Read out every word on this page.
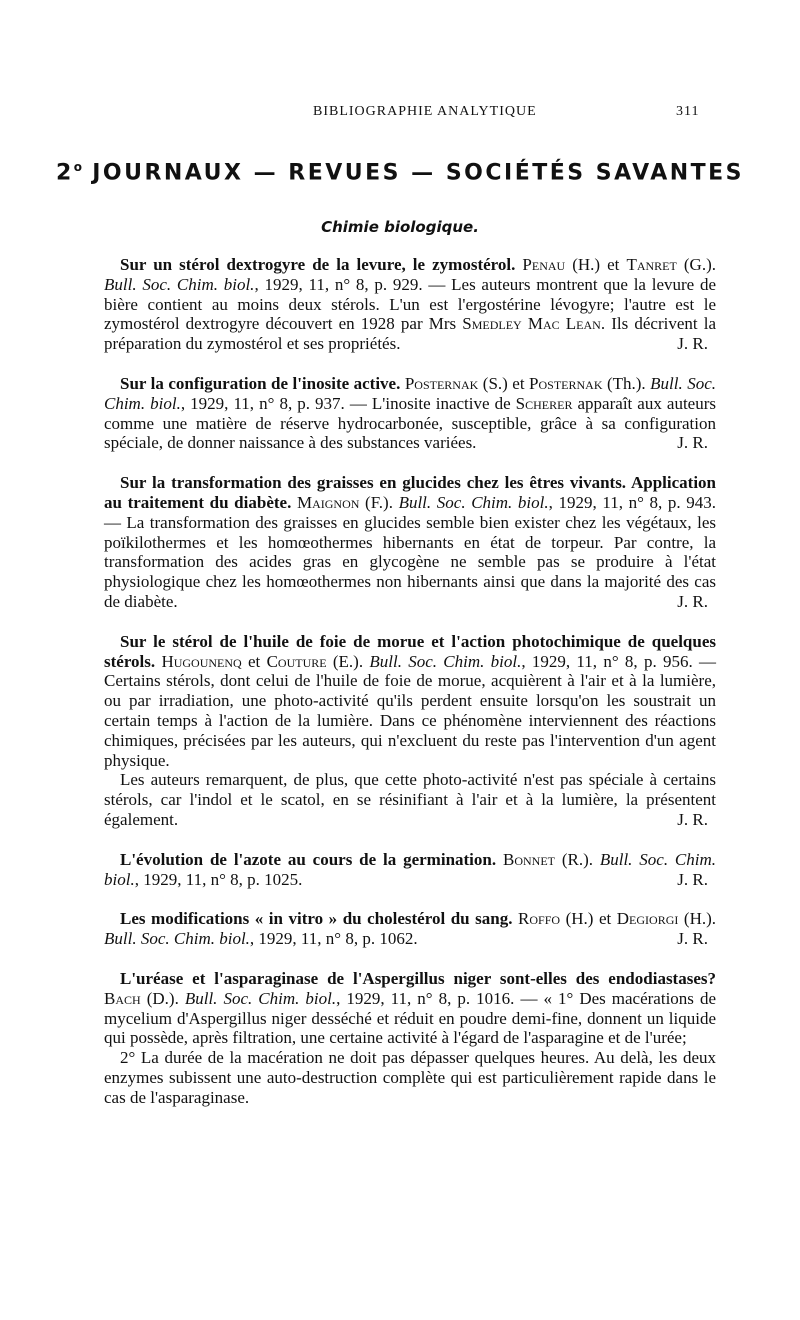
BIBLIOGRAPHIE ANALYTIQUE	311
2$^o$ JOURNAUX — REVUES — SOCIÉTÉS SAVANTES
Chimie biologique.

Sur un stérol dextrogyre de la levure, le zymostérol. Penau (H.) et Tanret (G.). Bull. Soc. Chim. biol., 1929, 11, n° 8, p. 929. — Les auteurs montrent que la levure de bière contient au moins deux stérols. L'un est l'ergostérine lévogyre; l'autre est le zymostérol dextrogyre découvert en 1928 par Mrs Smedley Mac Lean. Ils décrivent la préparation du zymostérol et ses propriétés.	J. R.

Sur la configuration de l'inosite active. Posternak (S.) et Posternak (Th.). Bull. Soc. Chim. biol., 1929, 11, n° 8, p. 937. — L'inosite inactive de Scherer apparaît aux auteurs comme une matière de réserve hydrocarbonée, susceptible, grâce à sa configuration spéciale, de donner naissance à des substances variées.	J. R.

Sur la transformation des graisses en glucides chez les êtres vivants. Application au traitement du diabète. Maignon (F.). Bull. Soc. Chim. biol., 1929, 11, n° 8, p. 943. — La transformation des graisses en glucides semble bien exister chez les végétaux, les poïkilothermes et les homœothermes hibernants en état de torpeur. Par contre, la transformation des acides gras en glycogène ne semble pas se produire à l'état physiologique chez les homœothermes non hibernants ainsi que dans la majorité des cas de diabète.	J. R.

Sur le stérol de l'huile de foie de morue et l'action photochimique de quelques stérols. Hugounenq et Couture (E.). Bull. Soc. Chim. biol., 1929, 11, n° 8, p. 956. — Certains stérols, dont celui de l'huile de foie de morue, acquièrent à l'air et à la lumière, ou par irradiation, une photo-activité qu'ils perdent ensuite lorsqu'on les soustrait un certain temps à l'action de la lumière. Dans ce phénomène interviennent des réactions chimiques, précisées par les auteurs, qui n'excluent du reste pas l'intervention d'un agent physique.

Les auteurs remarquent, de plus, que cette photo-activité n'est pas spéciale à certains stérols, car l'indol et le scatol, en se résinifiant à l'air et à la lumière, la présentent également.	J. R.

L'évolution de l'azote au cours de la germination. Bonnet (R.). Bull. Soc. Chim. biol., 1929, 11, n° 8, p. 1025.	J. R.

Les modifications « in vitro » du cholestérol du sang. Roffo (H.) et Degiorgi (H.). Bull. Soc. Chim. biol., 1929, 11, n° 8, p. 1062.	J. R.

L'uréase et l'asparaginase de l'Aspergillus niger sont-elles des endodiastases? Bach (D.). Bull. Soc. Chim. biol., 1929, 11, n° 8, p. 1016. — « 1° Des macérations de mycelium d'Aspergillus niger desséché et réduit en poudre demi-fine, donnent un liquide qui possède, après filtration, une certaine activité à l'égard de l'asparagine et de l'urée;

2° La durée de la macération ne doit pas dépasser quelques heures. Au delà, les deux enzymes subissent une auto-destruction complète qui est particulièrement rapide dans le cas de l'asparaginase.
